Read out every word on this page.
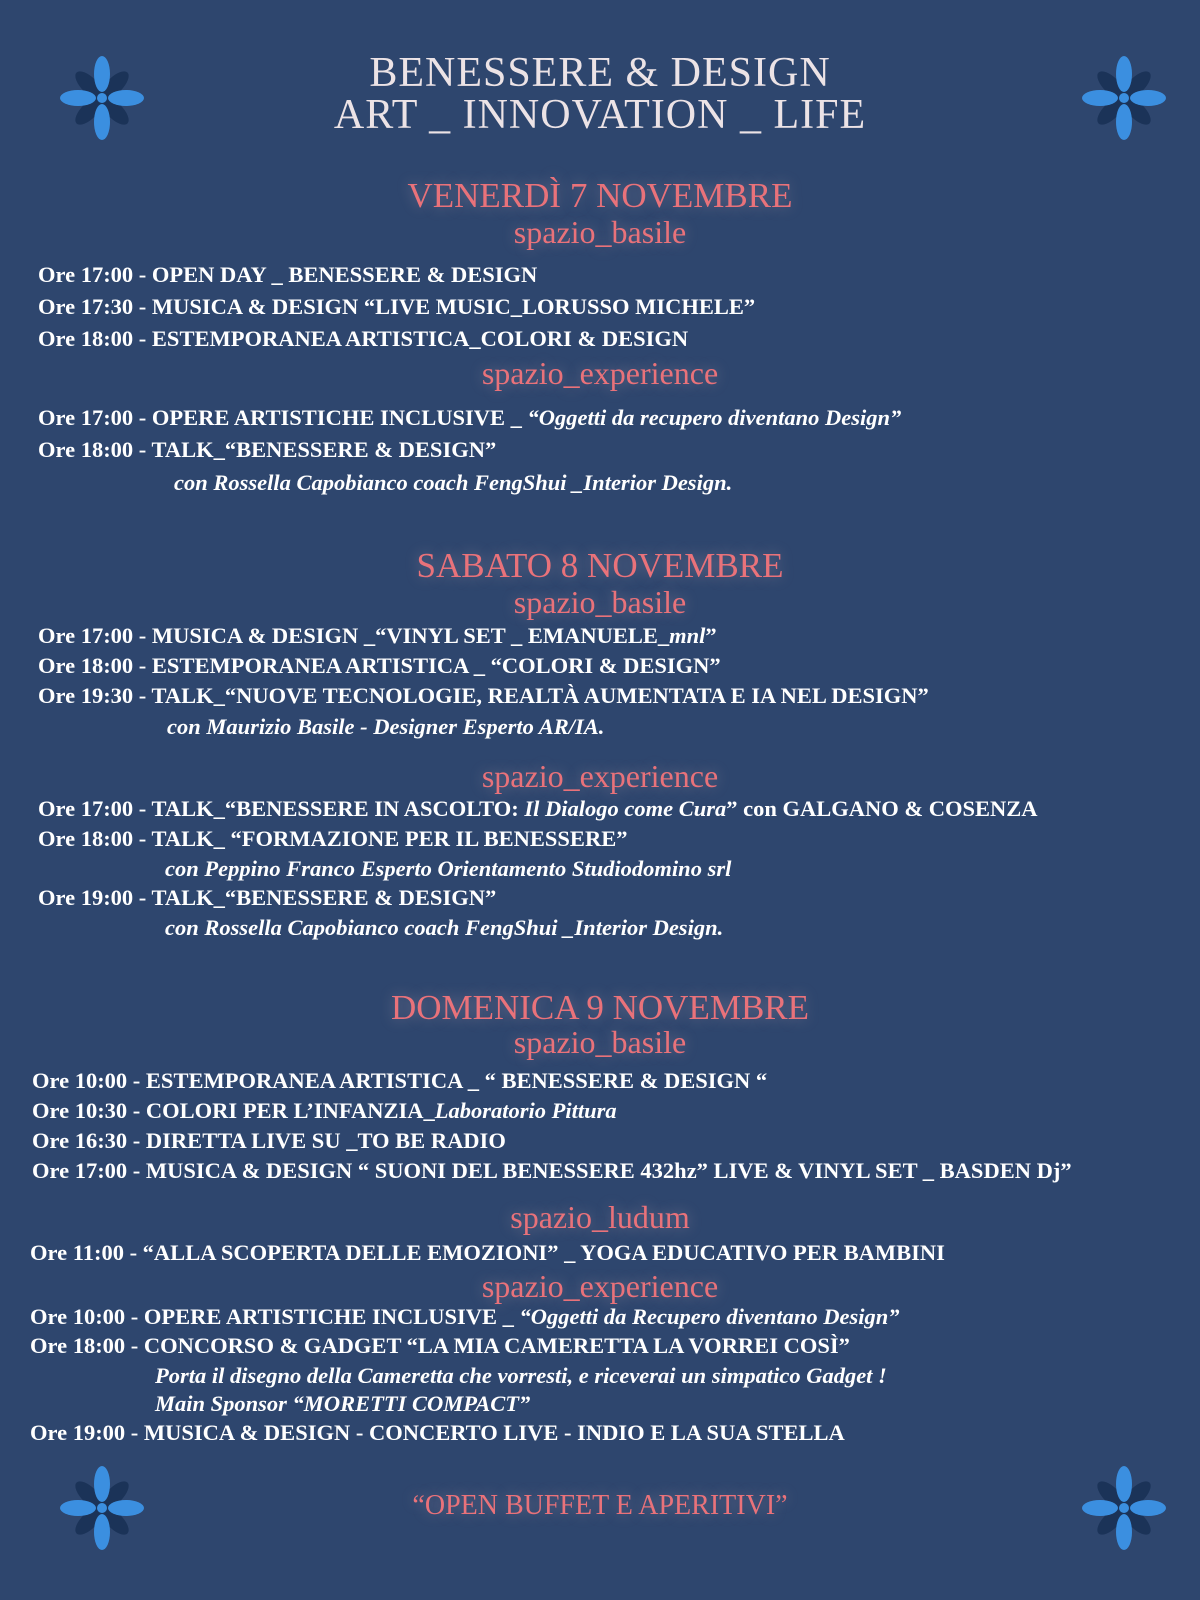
BENESSERE & DESIGN
ART _ INNOVATION _ LIFE
VENERDÌ 7 NOVEMBRE
spazio_basile
Ore 17:00 - OPEN DAY _ BENESSERE & DESIGN
Ore 17:30 - MUSICA & DESIGN “LIVE MUSIC_LORUSSO MICHELE”
Ore 18:00 - ESTEMPORANEA ARTISTICA_COLORI & DESIGN
spazio_experience
Ore 17:00 - OPERE ARTISTICHE INCLUSIVE _ “Oggetti da recupero diventano Design”
Ore 18:00 - TALK_“BENESSERE & DESIGN”
con Rossella Capobianco coach FengShui _Interior Design.
SABATO 8 NOVEMBRE
spazio_basile
Ore 17:00 - MUSICA & DESIGN _“VINYL SET _ EMANUELE_mnl”
Ore 18:00 - ESTEMPORANEA ARTISTICA _ “COLORI & DESIGN”
Ore 19:30 - TALK_“NUOVE TECNOLOGIE, REALTÀ AUMENTATA E IA NEL DESIGN”
con Maurizio Basile - Designer Esperto AR/IA.
spazio_experience
Ore 17:00 - TALK_“BENESSERE IN ASCOLTO: Il Dialogo come Cura” con GALGANO & COSENZA
Ore 18:00 - TALK_ “FORMAZIONE PER IL BENESSERE”
con Peppino Franco Esperto Orientamento Studiodomino srl
Ore 19:00 - TALK_“BENESSERE & DESIGN”
con Rossella Capobianco coach FengShui _Interior Design.
DOMENICA 9 NOVEMBRE
spazio_basile
Ore 10:00 - ESTEMPORANEA ARTISTICA _ “ BENESSERE & DESIGN “
Ore 10:30 - COLORI PER L’INFANZIA_Laboratorio Pittura
Ore 16:30 - DIRETTA LIVE SU _TO BE RADIO
Ore 17:00 - MUSICA & DESIGN “ SUONI DEL BENESSERE 432hz” LIVE & VINYL SET _ BASDEN Dj”
spazio_ludum
Ore 11:00 - “ALLA SCOPERTA DELLE EMOZIONI” _ YOGA EDUCATIVO PER BAMBINI
spazio_experience
Ore 10:00 - OPERE ARTISTICHE INCLUSIVE _ “Oggetti da Recupero diventano Design”
Ore 18:00 - CONCORSO & GADGET “LA MIA CAMERETTA LA VORREI COSÌ”
Porta il disegno della Cameretta che vorresti, e riceverai un simpatico Gadget !
Main Sponsor “MORETTI COMPACT”
Ore 19:00 - MUSICA & DESIGN - CONCERTO LIVE - INDIO E LA SUA STELLA
“OPEN BUFFET E APERITIVI”
